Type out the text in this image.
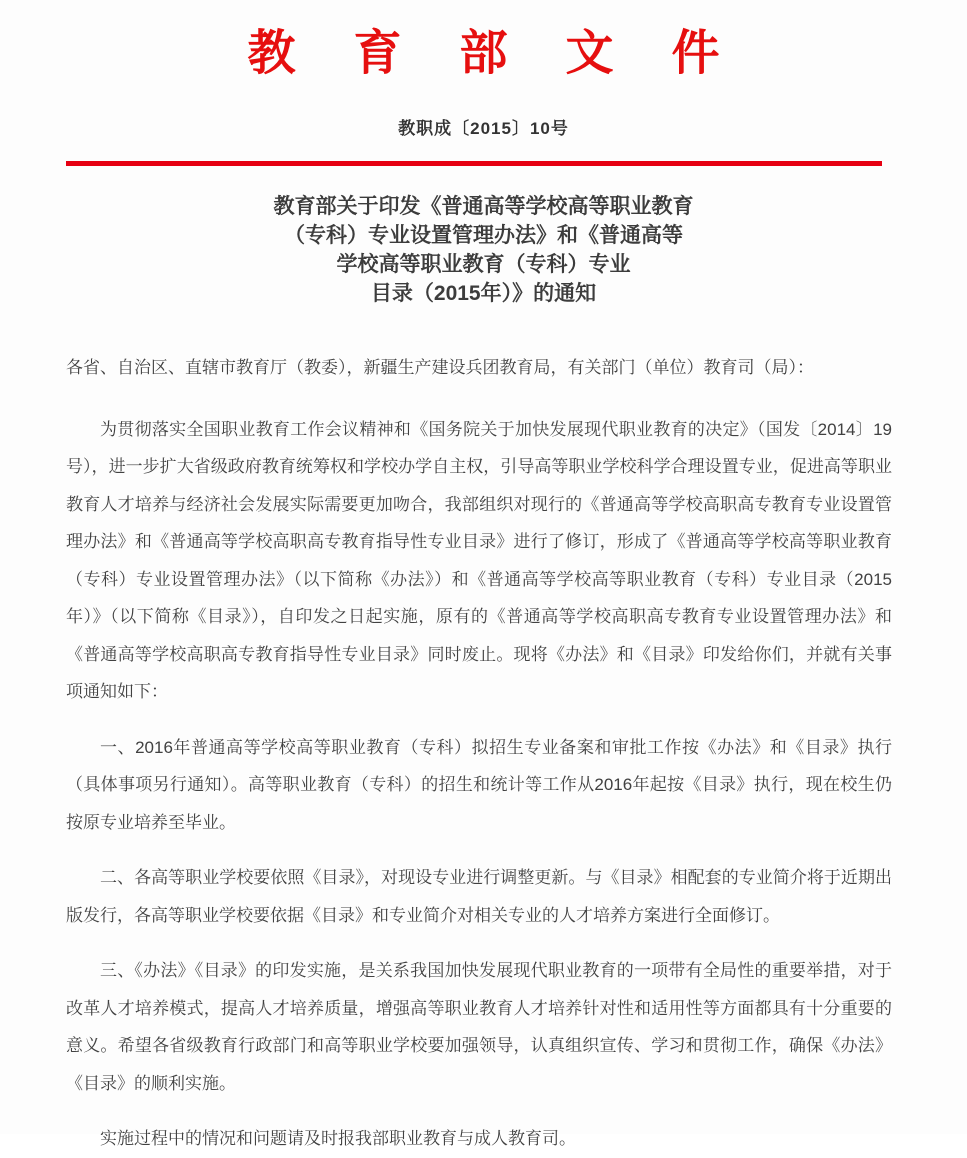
教育部文件
教职成〔2015〕10号
教育部关于印发《普通高等学校高等职业教育
（专科）专业设置管理办法》和《普通高等
学校高等职业教育（专科）专业
目录（2015年）》的通知

各省、自治区、直辖市教育厅（教委），新疆生产建设兵团教育局，有关部门（单位）教育司（局）：

为贯彻落实全国职业教育工作会议精神和《国务院关于加快发展现代职业教育的决定》（国发〔2014〕19号），进一步扩大省级政府教育统筹权和学校办学自主权，引导高等职业学校科学合理设置专业，促进高等职业教育人才培养与经济社会发展实际需要更加吻合，我部组织对现行的《普通高等学校高职高专教育专业设置管理办法》和《普通高等学校高职高专教育指导性专业目录》进行了修订，形成了《普通高等学校高等职业教育（专科）专业设置管理办法》（以下简称《办法》）和《普通高等学校高等职业教育（专科）专业目录（2015年）》（以下简称《目录》），自印发之日起实施，原有的《普通高等学校高职高专教育专业设置管理办法》和《普通高等学校高职高专教育指导性专业目录》同时废止。现将《办法》和《目录》印发给你们，并就有关事项通知如下：

一、2016年普通高等学校高等职业教育（专科）拟招生专业备案和审批工作按《办法》和《目录》执行（具体事项另行通知）。高等职业教育（专科）的招生和统计等工作从2016年起按《目录》执行，现在校生仍按原专业培养至毕业。

二、各高等职业学校要依照《目录》，对现设专业进行调整更新。与《目录》相配套的专业简介将于近期出版发行，各高等职业学校要依据《目录》和专业简介对相关专业的人才培养方案进行全面修订。

三、《办法》《目录》的印发实施，是关系我国加快发展现代职业教育的一项带有全局性的重要举措，对于改革人才培养模式，提高人才培养质量，增强高等职业教育人才培养针对性和适用性等方面都具有十分重要的意义。希望各省级教育行政部门和高等职业学校要加强领导，认真组织宣传、学习和贯彻工作，确保《办法》《目录》的顺利实施。

实施过程中的情况和问题请及时报我部职业教育与成人教育司。
